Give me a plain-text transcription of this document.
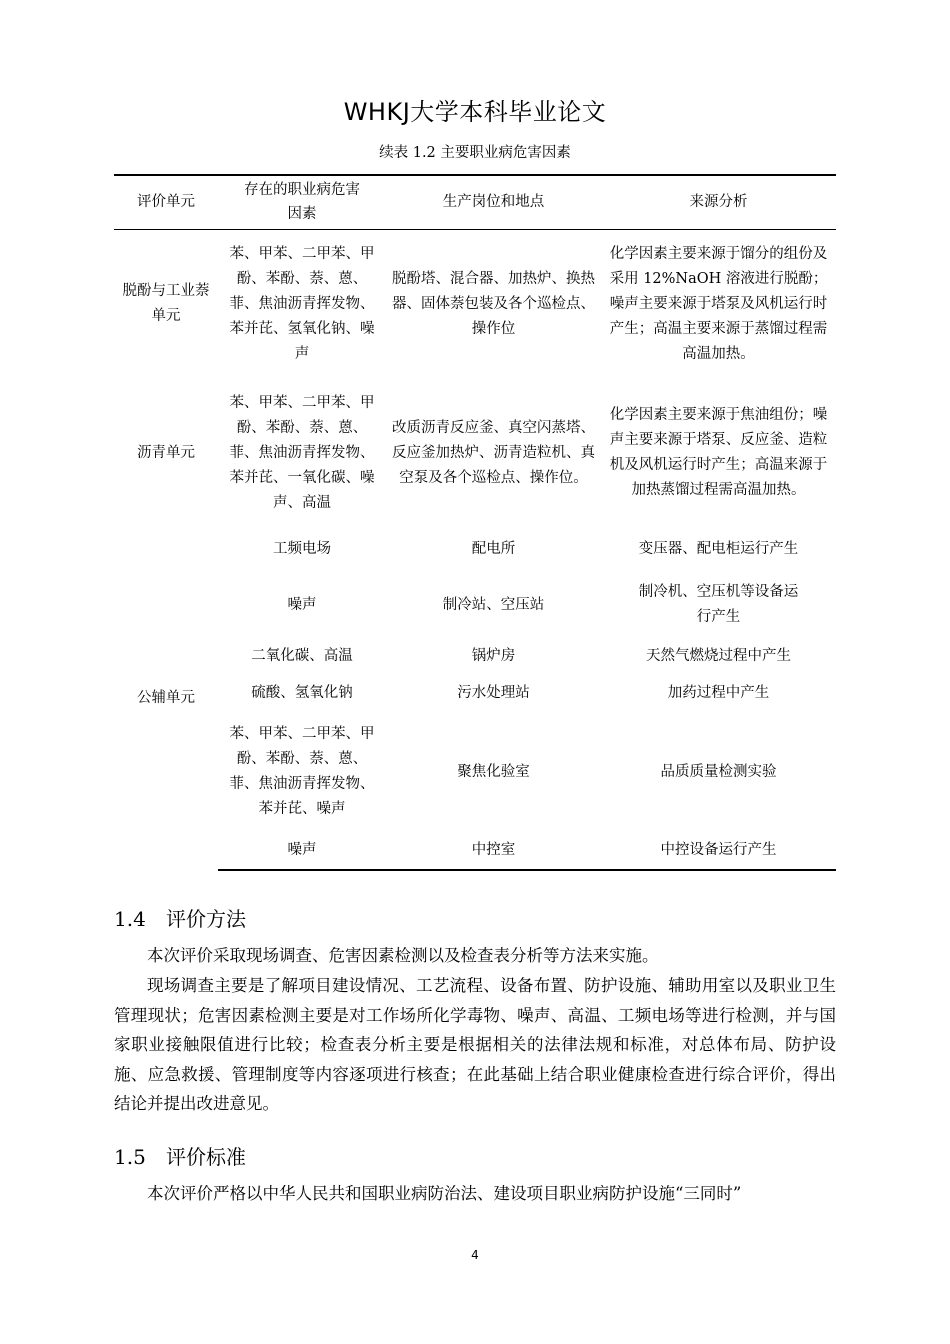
WHKJ大学本科毕业论文
续表 1.2 主要职业病危害因素
评价单元	存在的职业病危害因素	生产岗位和地点	来源分析
脱酚与工业萘单元	苯、甲苯、二甲苯、甲酚、苯酚、萘、蒽、菲、焦油沥青挥发物、苯并芘、氢氧化钠、噪声	脱酚塔、混合器、加热炉、换热器、固体萘包装及各个巡检点、操作位	化学因素主要来源于馏分的组份及采用 12%NaOH 溶液进行脱酚；噪声主要来源于塔泵及风机运行时产生；高温主要来源于蒸馏过程需高温加热。
沥青单元	苯、甲苯、二甲苯、甲酚、苯酚、萘、蒽、菲、焦油沥青挥发物、苯并芘、一氧化碳、噪声、高温	改质沥青反应釜、真空闪蒸塔、反应釜加热炉、沥青造粒机、真空泵及各个巡检点、操作位。	化学因素主要来源于焦油组份；噪声主要来源于塔泵、反应釜、造粒机及风机运行时产生；高温来源于加热蒸馏过程需高温加热。
公辅单元	工频电场	配电所	变压器、配电柜运行产生
	噪声	制冷站、空压站	制冷机、空压机等设备运行产生
	二氧化碳、高温	锅炉房	天然气燃烧过程中产生
	硫酸、氢氧化钠	污水处理站	加药过程中产生
	苯、甲苯、二甲苯、甲酚、苯酚、萘、蒽、菲、焦油沥青挥发物、苯并芘、噪声	聚焦化验室	品质质量检测实验
	噪声	中控室	中控设备运行产生
1.4 评价方法

本次评价采取现场调查、危害因素检测以及检查表分析等方法来实施。

现场调查主要是了解项目建设情况、工艺流程、设备布置、防护设施、辅助用室以及职业卫生管理现状；危害因素检测主要是对工作场所化学毒物、噪声、高温、工频电场等进行检测，并与国家职业接触限值进行比较；检查表分析主要是根据相关的法律法规和标准，对总体布局、防护设施、应急救援、管理制度等内容逐项进行核查；在此基础上结合职业健康检查进行综合评价，得出结论并提出改进意见。

1.5 评价标准

本次评价严格以中华人民共和国职业病防治法、建设项目职业病防护设施“三同时”

4
